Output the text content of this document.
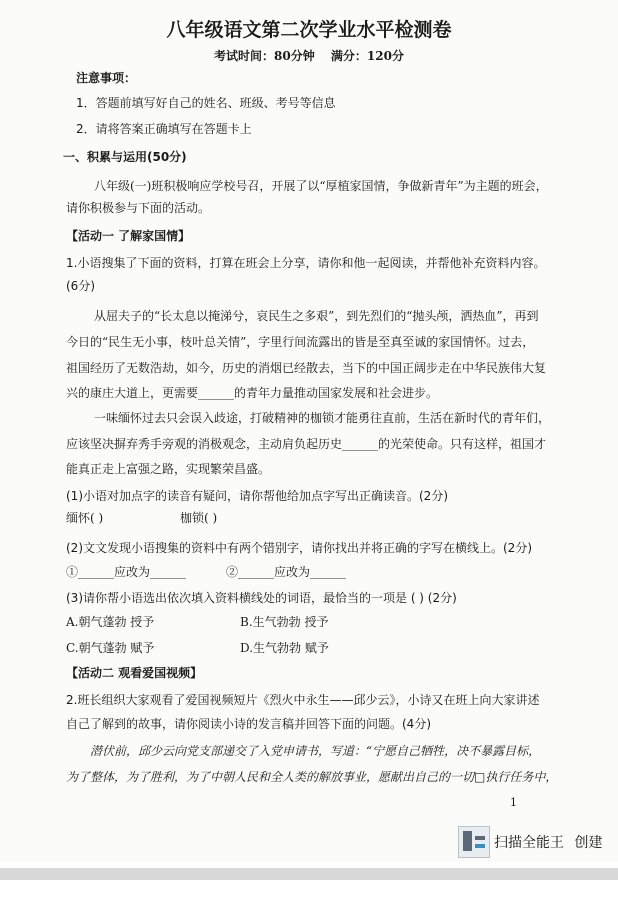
八年级语文第二次学业水平检测卷
考试时间：80分钟 满分：120分
注意事项：
1．答题前填写好自己的姓名、班级、考号等信息
2．请将答案正确填写在答题卡上
一、积累与运用(50分)
八年级(一)班积极响应学校号召，开展了以“厚植家国情，争做新青年”为主题的班会，
请你积极参与下面的活动。
【活动一 了解家国情】
1.小语搜集了下面的资料，打算在班会上分享，请你和他一起阅读，并帮他补充资料内容。
(6分)
从屈夫子的“长太息以掩涕兮，哀民生之多艰”，到先烈们的“抛头颅，洒热血”，再到
今日的“民生无小事，枝叶总关情”，字里行间流露出的皆是至真至诚的家国情怀。过去，
祖国经历了无数浩劫，如今，历史的消烟已经散去，当下的中国正阔步走在中华民族伟大复
兴的康庄大道上，更需要______的青年力量推动国家发展和社会进步。
一味缅怀过去只会误入歧途，打破精神的枷锁才能勇往直前，生活在新时代的青年们，
应该坚决摒弃秀手旁观的消极观念，主动肩负起历史______的光荣使命。只有这样，祖国才
能真正走上富强之路，实现繁荣昌盛。
(1)小语对加点字的读音有疑问，请你帮他给加点字写出正确读音。(2分)
缅怀( )	枷锁( )
(2)文文发现小语搜集的资料中有两个错别字，请你找出并将正确的字写在横线上。(2分)
①______应改为______	②______应改为______
(3)请你帮小语选出依次填入资料横线处的词语，最恰当的一项是 ( ) (2分)
A.朝气蓬勃 授予	B.生气勃勃 授予
C.朝气蓬勃 赋予	D.生气勃勃 赋予
【活动二 观看爱国视频】
2.班长组织大家观看了爱国视频短片《烈火中永生——邱少云》，小诗又在班上向大家讲述
自己了解到的故事，请你阅读小诗的发言稿并回答下面的问题。(4分)
潜伏前，邱少云向党支部递交了入党申请书，写道：“宁愿自己牺牲，决不暴露目标，
为了整体，为了胜利，为了中朝人民和全人类的解放事业，愿献出自己的一切□执行任务中，
1
扫描全能王 创建
